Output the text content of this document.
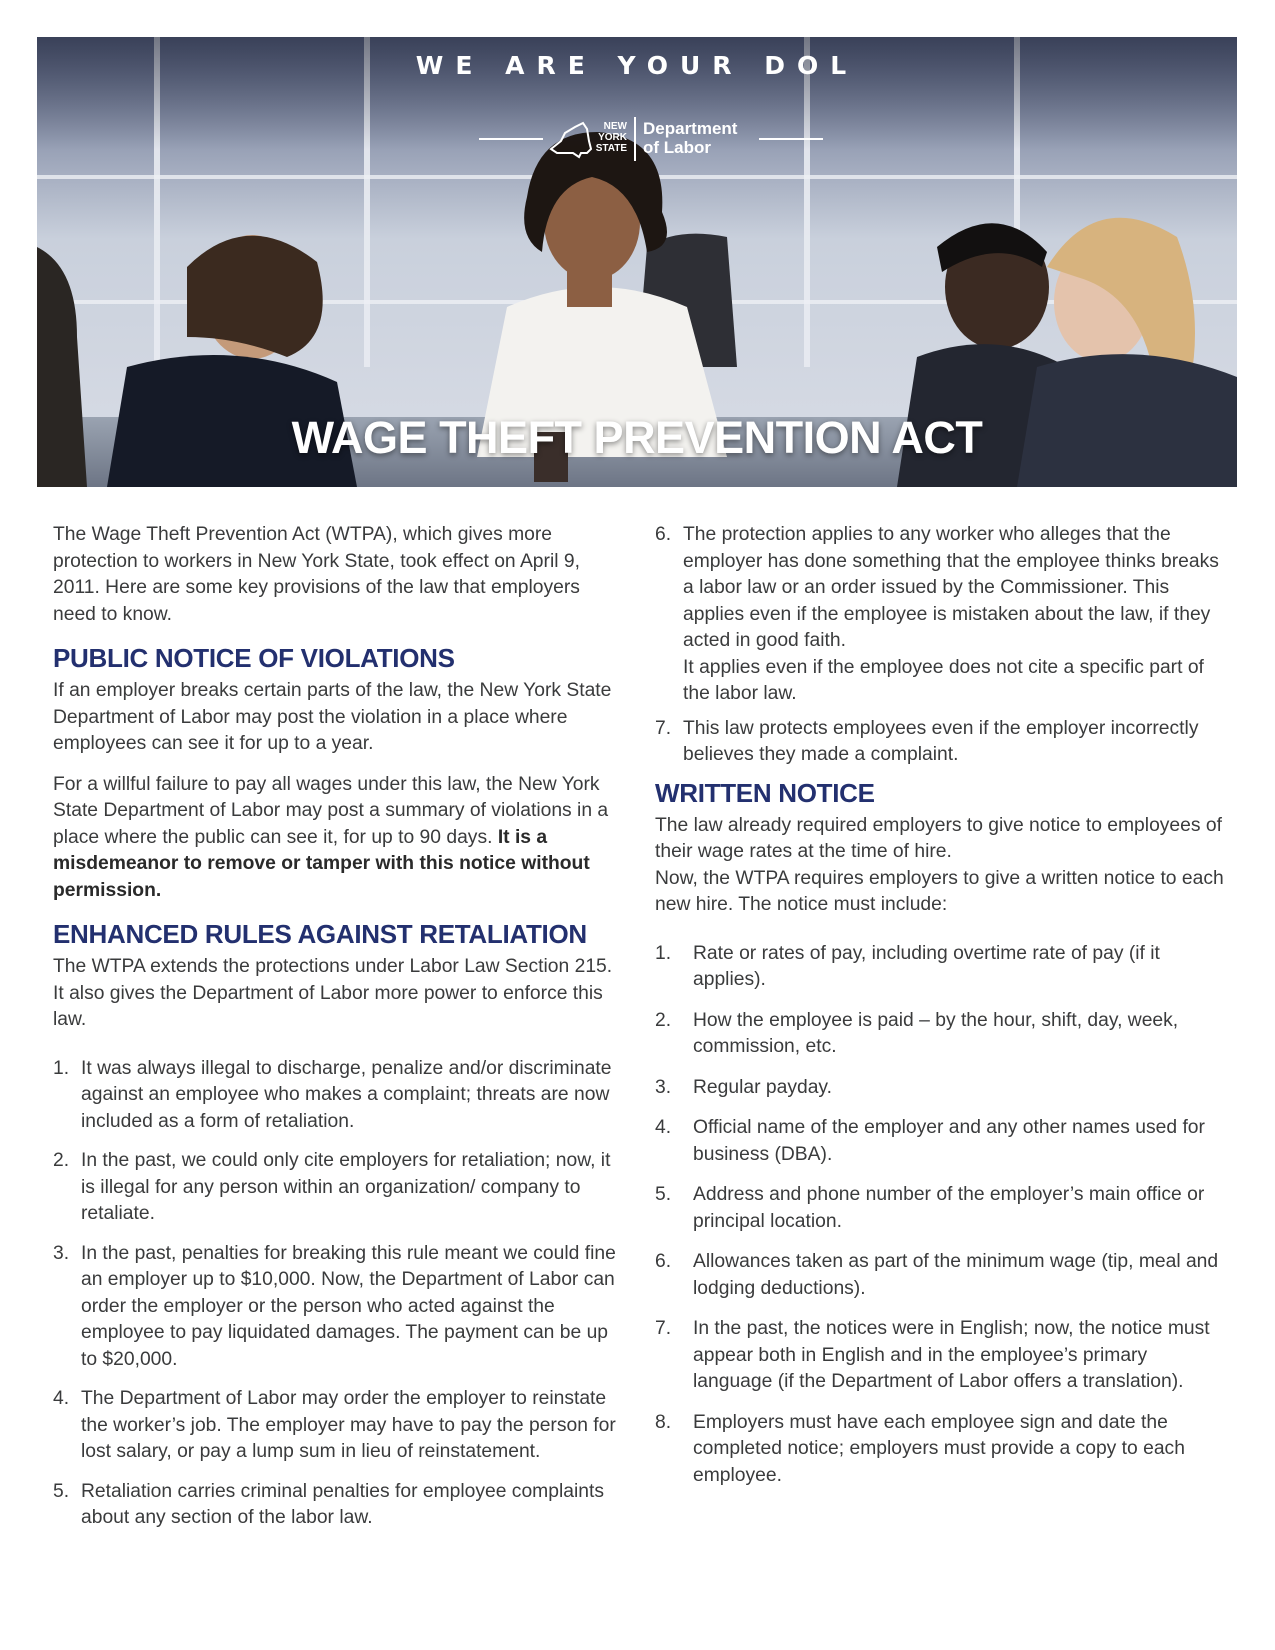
WE ARE YOUR DOL
NEW
YORK
STATE
Department
of Labor
WAGE THEFT PREVENTION ACT

The Wage Theft Prevention Act (WTPA), which gives more protection to workers in New York State, took effect on April 9, 2011. Here are some key provisions of the law that employers need to know.

PUBLIC NOTICE OF VIOLATIONS

If an employer breaks certain parts of the law, the New York State Department of Labor may post the violation in a place where employees can see it for up to a year.

For a willful failure to pay all wages under this law, the New York State Department of Labor may post a summary of violations in a place where the public can see it, for up to 90 days. It is a misdemeanor to remove or tamper with this notice without permission.

ENHANCED RULES AGAINST RETALIATION

The WTPA extends the protections under Labor Law Section 215. It also gives the Department of Labor more power to enforce this law.

1. It was always illegal to discharge, penalize and/or discriminate against an employee who makes a complaint; threats are now included as a form of retaliation.
2. In the past, we could only cite employers for retaliation; now, it is illegal for any person within an organization/ company to retaliate.
3. In the past, penalties for breaking this rule meant we could fine an employer up to $10,000. Now, the Department of Labor can order the employer or the person who acted against the employee to pay liquidated damages. The payment can be up to $20,000.
4. The Department of Labor may order the employer to reinstate the worker’s job. The employer may have to pay the person for lost salary, or pay a lump sum in lieu of reinstatement.
5. Retaliation carries criminal penalties for employee complaints about any section of the labor law.
6. The protection applies to any worker who alleges that the employer has done something that the employee thinks breaks a labor law or an order issued by the Commissioner. This applies even if the employee is mistaken about the law, if they acted in good faith.
It applies even if the employee does not cite a specific part of the labor law.
7. This law protects employees even if the employer incorrectly believes they made a complaint.
WRITTEN NOTICE

The law already required employers to give notice to employees of their wage rates at the time of hire.
Now, the WTPA requires employers to give a written notice to each new hire. The notice must include:

1. Rate or rates of pay, including overtime rate of pay (if it applies).
2. How the employee is paid – by the hour, shift, day, week, commission, etc.
3. Regular payday.
4. Official name of the employer and any other names used for business (DBA).
5. Address and phone number of the employer’s main office or principal location.
6. Allowances taken as part of the minimum wage (tip, meal and lodging deductions).
7. In the past, the notices were in English; now, the notice must appear both in English and in the employee’s primary language (if the Department of Labor offers a translation).
8. Employers must have each employee sign and date the completed notice; employers must provide a copy to each employee.
